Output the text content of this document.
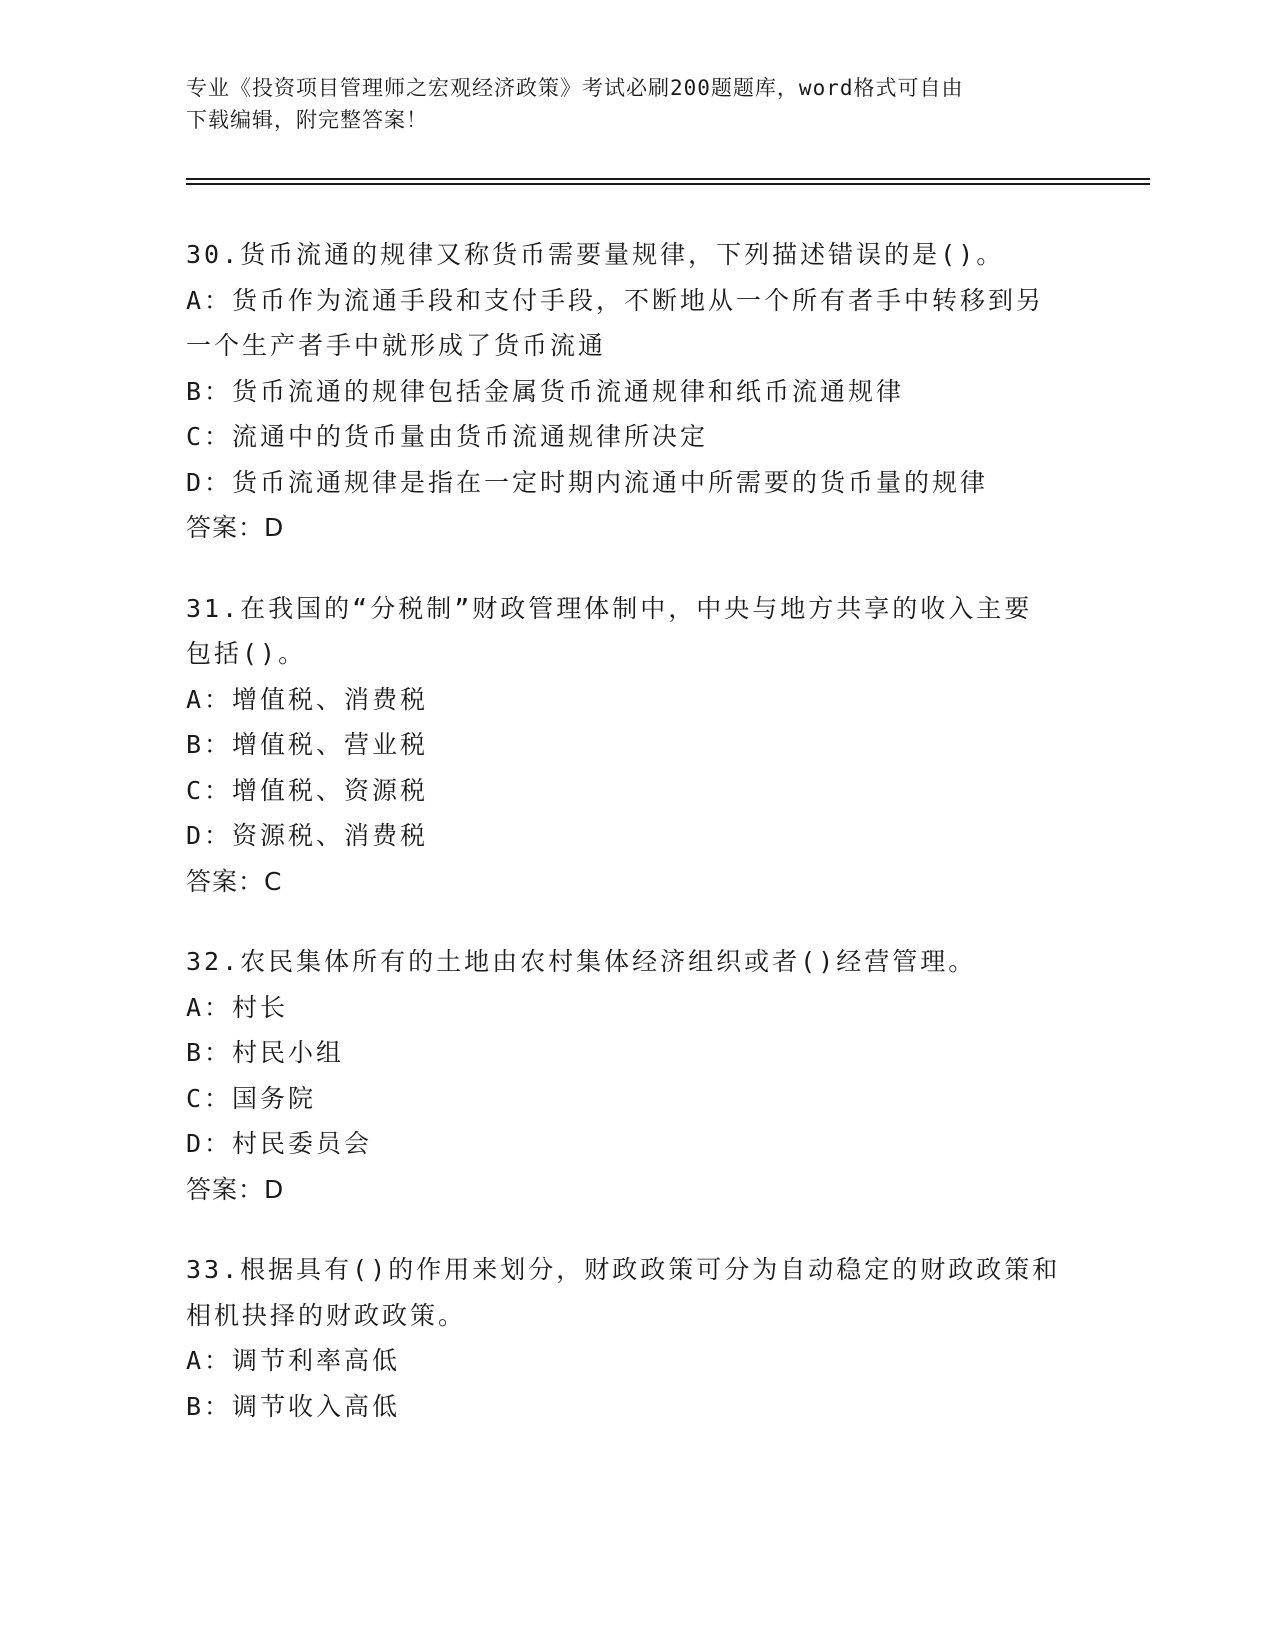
专业《投资项目管理师之宏观经济政策》考试必刷200题题库，word格式可自由
下载编辑，附完整答案！
30.货币流通的规律又称货币需要量规律，下列描述错误的是()。
A：货币作为流通手段和支付手段，不断地从一个所有者手中转移到另
一个生产者手中就形成了货币流通
B：货币流通的规律包括金属货币流通规律和纸币流通规律
C：流通中的货币量由货币流通规律所决定
D：货币流通规律是指在一定时期内流通中所需要的货币量的规律
答案：D
31.在我国的“分税制”财政管理体制中，中央与地方共享的收入主要
包括()。
A：增值税、消费税
B：增值税、营业税
C：增值税、资源税
D：资源税、消费税
答案：C
32.农民集体所有的土地由农村集体经济组织或者()经营管理。
A：村长
B：村民小组
C：国务院
D：村民委员会
答案：D
33.根据具有()的作用来划分，财政政策可分为自动稳定的财政政策和
相机抉择的财政政策。
A：调节利率高低
B：调节收入高低
